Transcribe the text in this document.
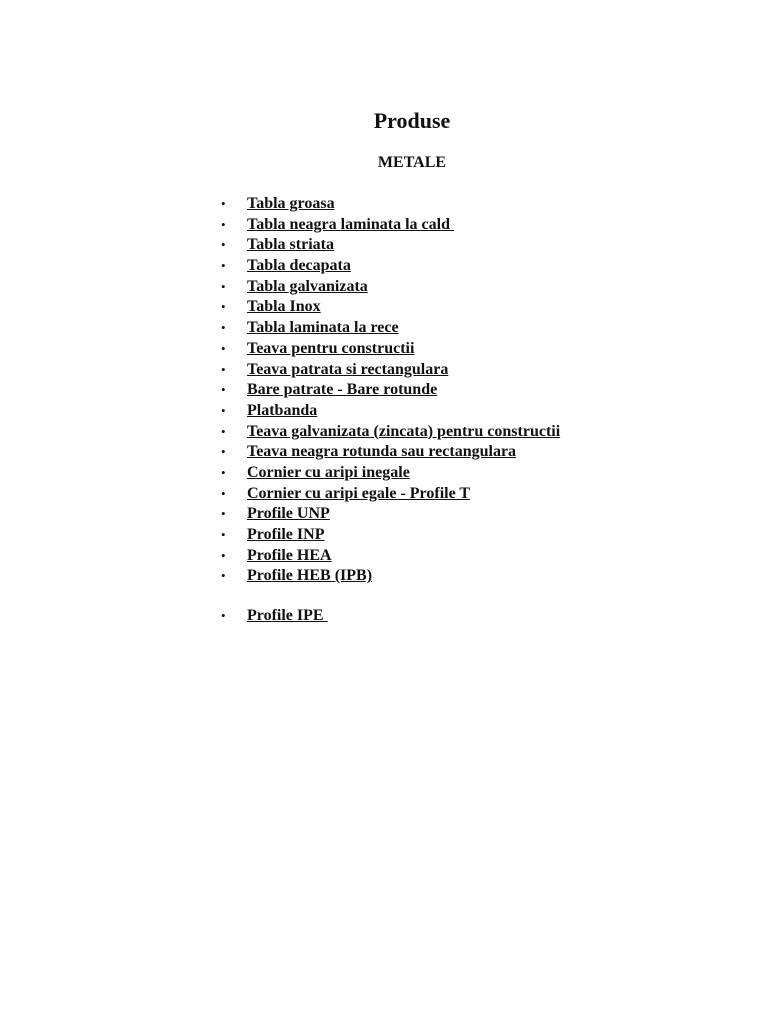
Produse
METALE
• Tabla groasa
• Tabla neagra laminata la cald
• Tabla striata
• Tabla decapata
• Tabla galvanizata
• Tabla Inox
• Tabla laminata la rece
• Teava pentru constructii
• Teava patrata si rectangulara
• Bare patrate - Bare rotunde
• Platbanda
• Teava galvanizata (zincata) pentru constructii
• Teava neagra rotunda sau rectangulara
• Cornier cu aripi inegale
• Cornier cu aripi egale - Profile T
• Profile UNP
• Profile INP
• Profile HEA
• Profile HEB (IPB)
• Profile IPE
